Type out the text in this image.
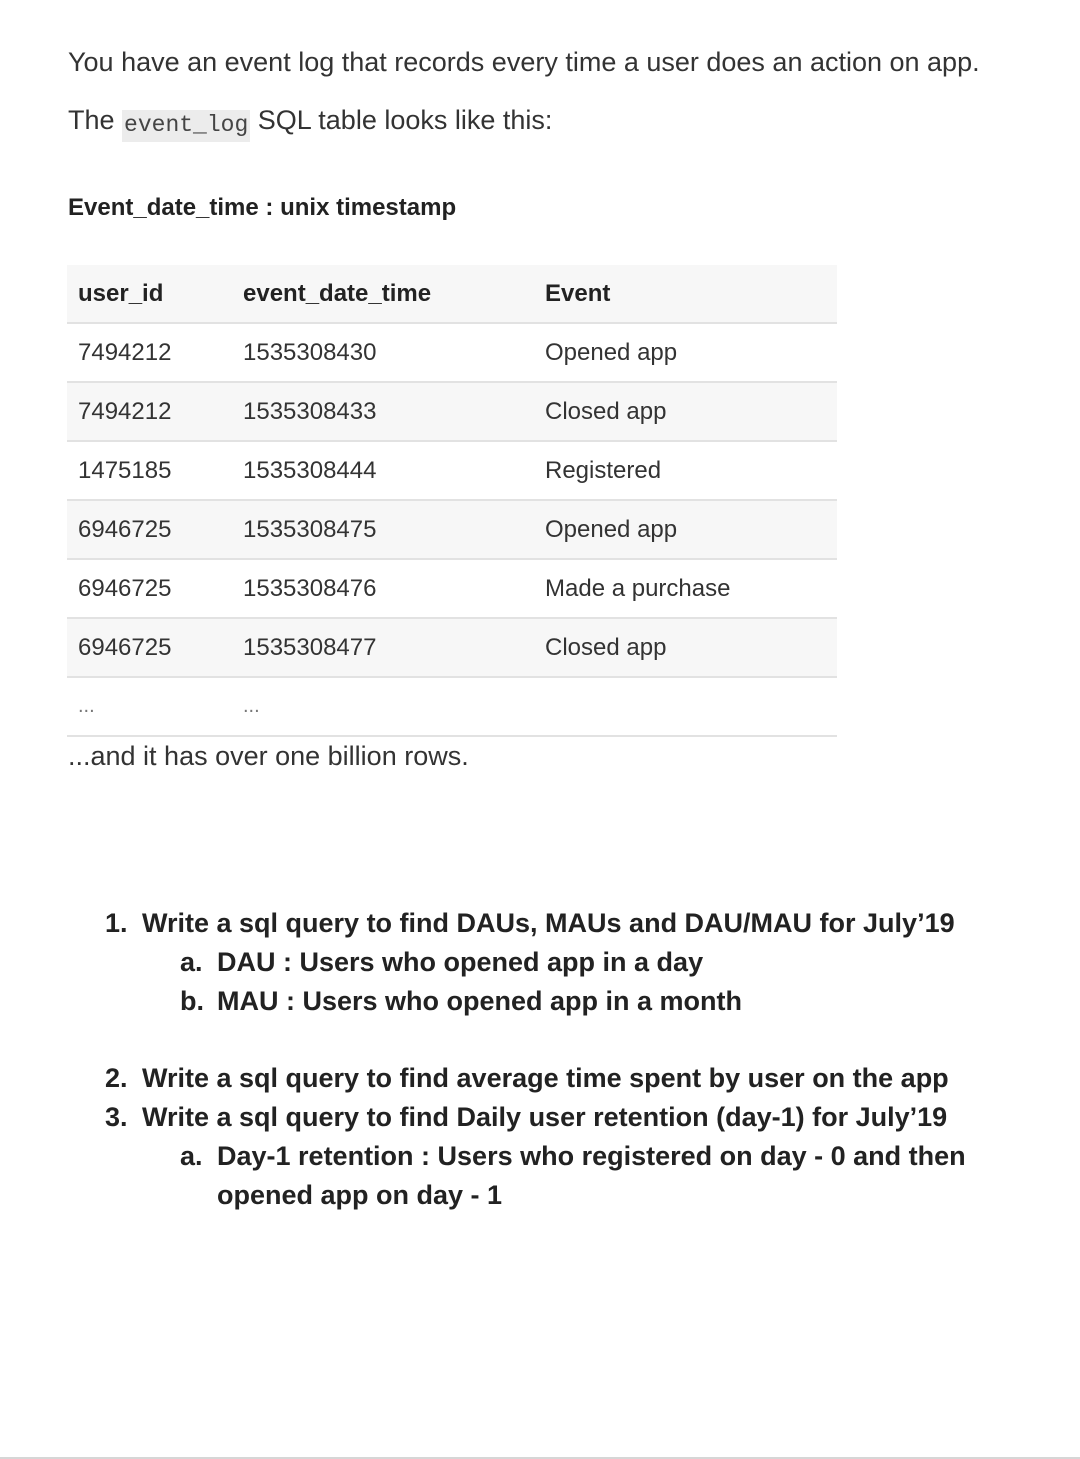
You have an event log that records every time a user does an action on app.
The event_log SQL table looks like this:
Event_date_time : unix timestamp
user_id	event_date_time	Event
7494212	1535308430	Opened app
7494212	1535308433	Closed app
1475185	1535308444	Registered
6946725	1535308475	Opened app
6946725	1535308476	Made a purchase
6946725	1535308477	Closed app
...	...	
...and it has over one billion rows.
1. Write a sql query to find DAUs, MAUs and DAU/MAU for July’19
a. DAU : Users who opened app in a day
b. MAU : Users who opened app in a month
2. Write a sql query to find average time spent by user on the app
3. Write a sql query to find Daily user retention (day-1) for July’19
a. Day-1 retention : Users who registered on day - 0 and then opened app on day - 1
